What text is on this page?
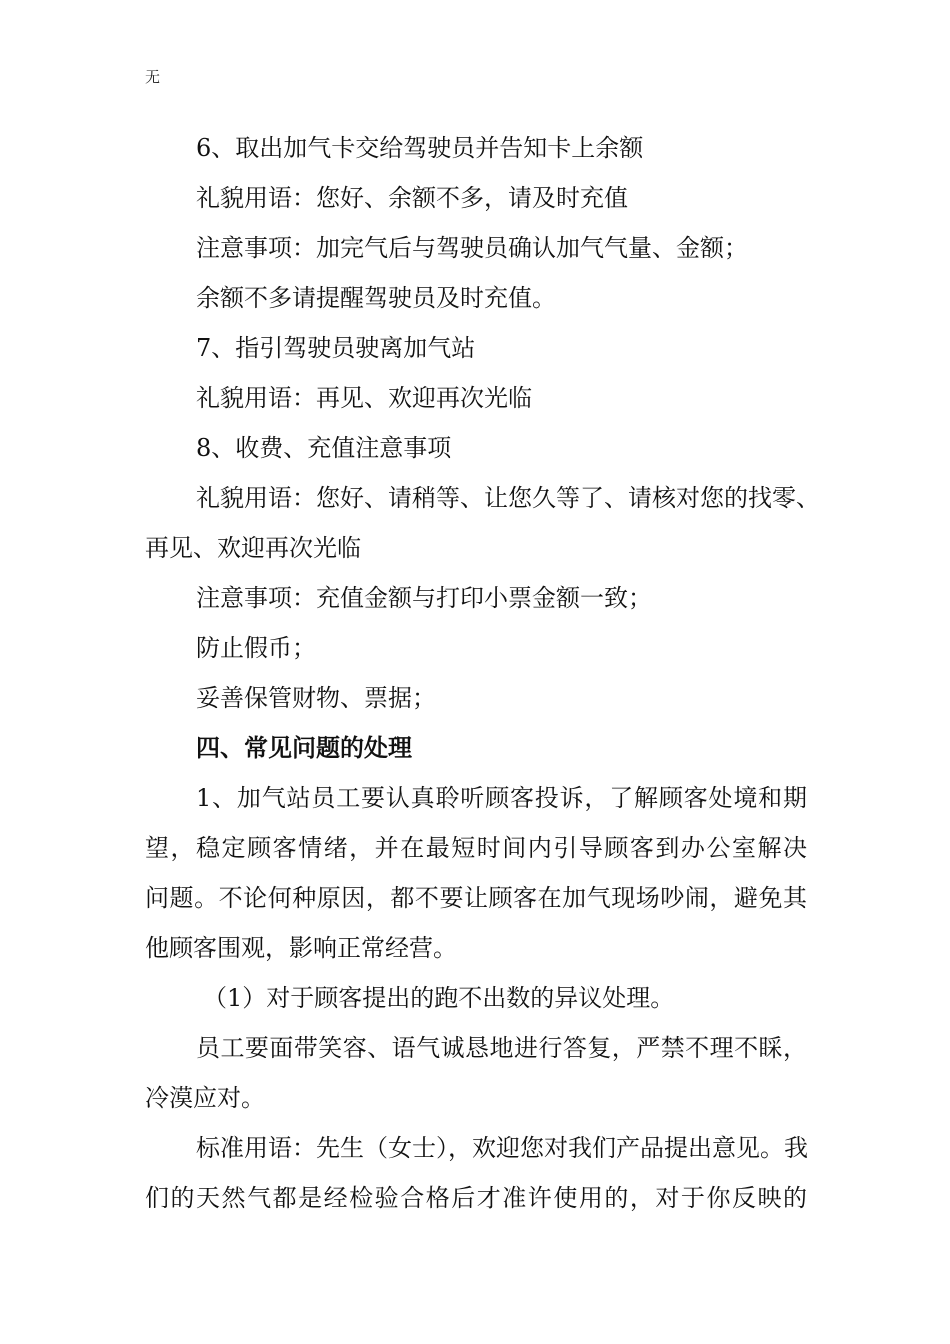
无
6、取出加气卡交给驾驶员并告知卡上余额
礼貌用语：您好、余额不多，请及时充值
注意事项：加完气后与驾驶员确认加气气量、金额；
余额不多请提醒驾驶员及时充值。
7、指引驾驶员驶离加气站
礼貌用语：再见、欢迎再次光临
8、收费、充值注意事项
礼貌用语：您好、请稍等、让您久等了、请核对您的找零、
再见、欢迎再次光临
注意事项：充值金额与打印小票金额一致；
防止假币；
妥善保管财物、票据；
四、常见问题的处理
1、加气站员工要认真聆听顾客投诉，了解顾客处境和期
望，稳定顾客情绪，并在最短时间内引导顾客到办公室解决
问题。不论何种原因，都不要让顾客在加气现场吵闹，避免其
他顾客围观，影响正常经营。
（1）对于顾客提出的跑不出数的异议处理。
员工要面带笑容、语气诚恳地进行答复，严禁不理不睬，
冷漠应对。
标准用语：先生（女士），欢迎您对我们产品提出意见。我
们的天然气都是经检验合格后才准许使用的，对于你反映的
